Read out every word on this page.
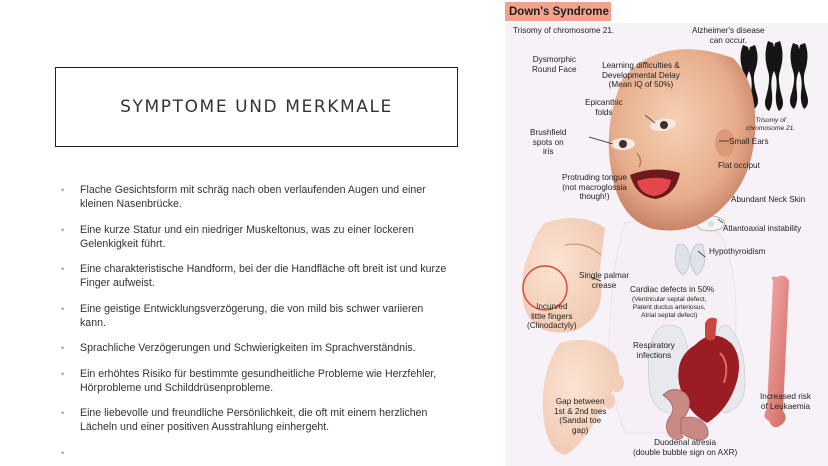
SYMPTOME UND MERKMALE
•	Flache Gesichtsform mit schräg nach oben verlaufenden Augen und einer kleinen Nasenbrücke.
•	Eine kurze Statur und ein niedriger Muskeltonus, was zu einer lockeren Gelenkigkeit führt.
•	Eine charakteristische Handform, bei der die Handfläche oft breit ist und kurze Finger aufweist.
•	Eine geistige Entwicklungsverzögerung, die von mild bis schwer variieren kann.
•	Sprachliche Verzögerungen und Schwierigkeiten im Sprachverständnis.
•	Ein erhöhtes Risiko für bestimmte gesundheitliche Probleme wie Herzfehler, Hörprobleme und Schilddrüsenprobleme.
•	Eine liebevolle und freundliche Persönlichkeit, die oft mit einem herzlichen Lächeln und einer positiven Ausstrahlung einhergeht.
•
Down's Syndrome
Trisomy of chromosome 21.	Alzheimer's disease
can occur.
Dysmorphic
Round Face	Learning difficulties &
Developmental Delay
(Mean IQ of 50%)
Trisomy of
chromosome 21.
Epicanthic
folds
Brushfield
spots on
iris
Small Ears
Flat occiput
Protruding tongue
(not macroglossia
though!)	Abundant Neck Skin
Atlantoaxial instability
Hypothyroidism
Single palmar
crease
Incurved
little fingers
(Clinodactyly)
Cardiac defects in 50%
(Ventricular septal defect,
Patent ductus arteriosus,
Atrial septal defect)
Respiratory
infections
Increased risk
of Leukaemia
Gap between
1st & 2nd toes
(Sandal toe
gap)
Duodenal atresia
(double bubble sign on AXR)
